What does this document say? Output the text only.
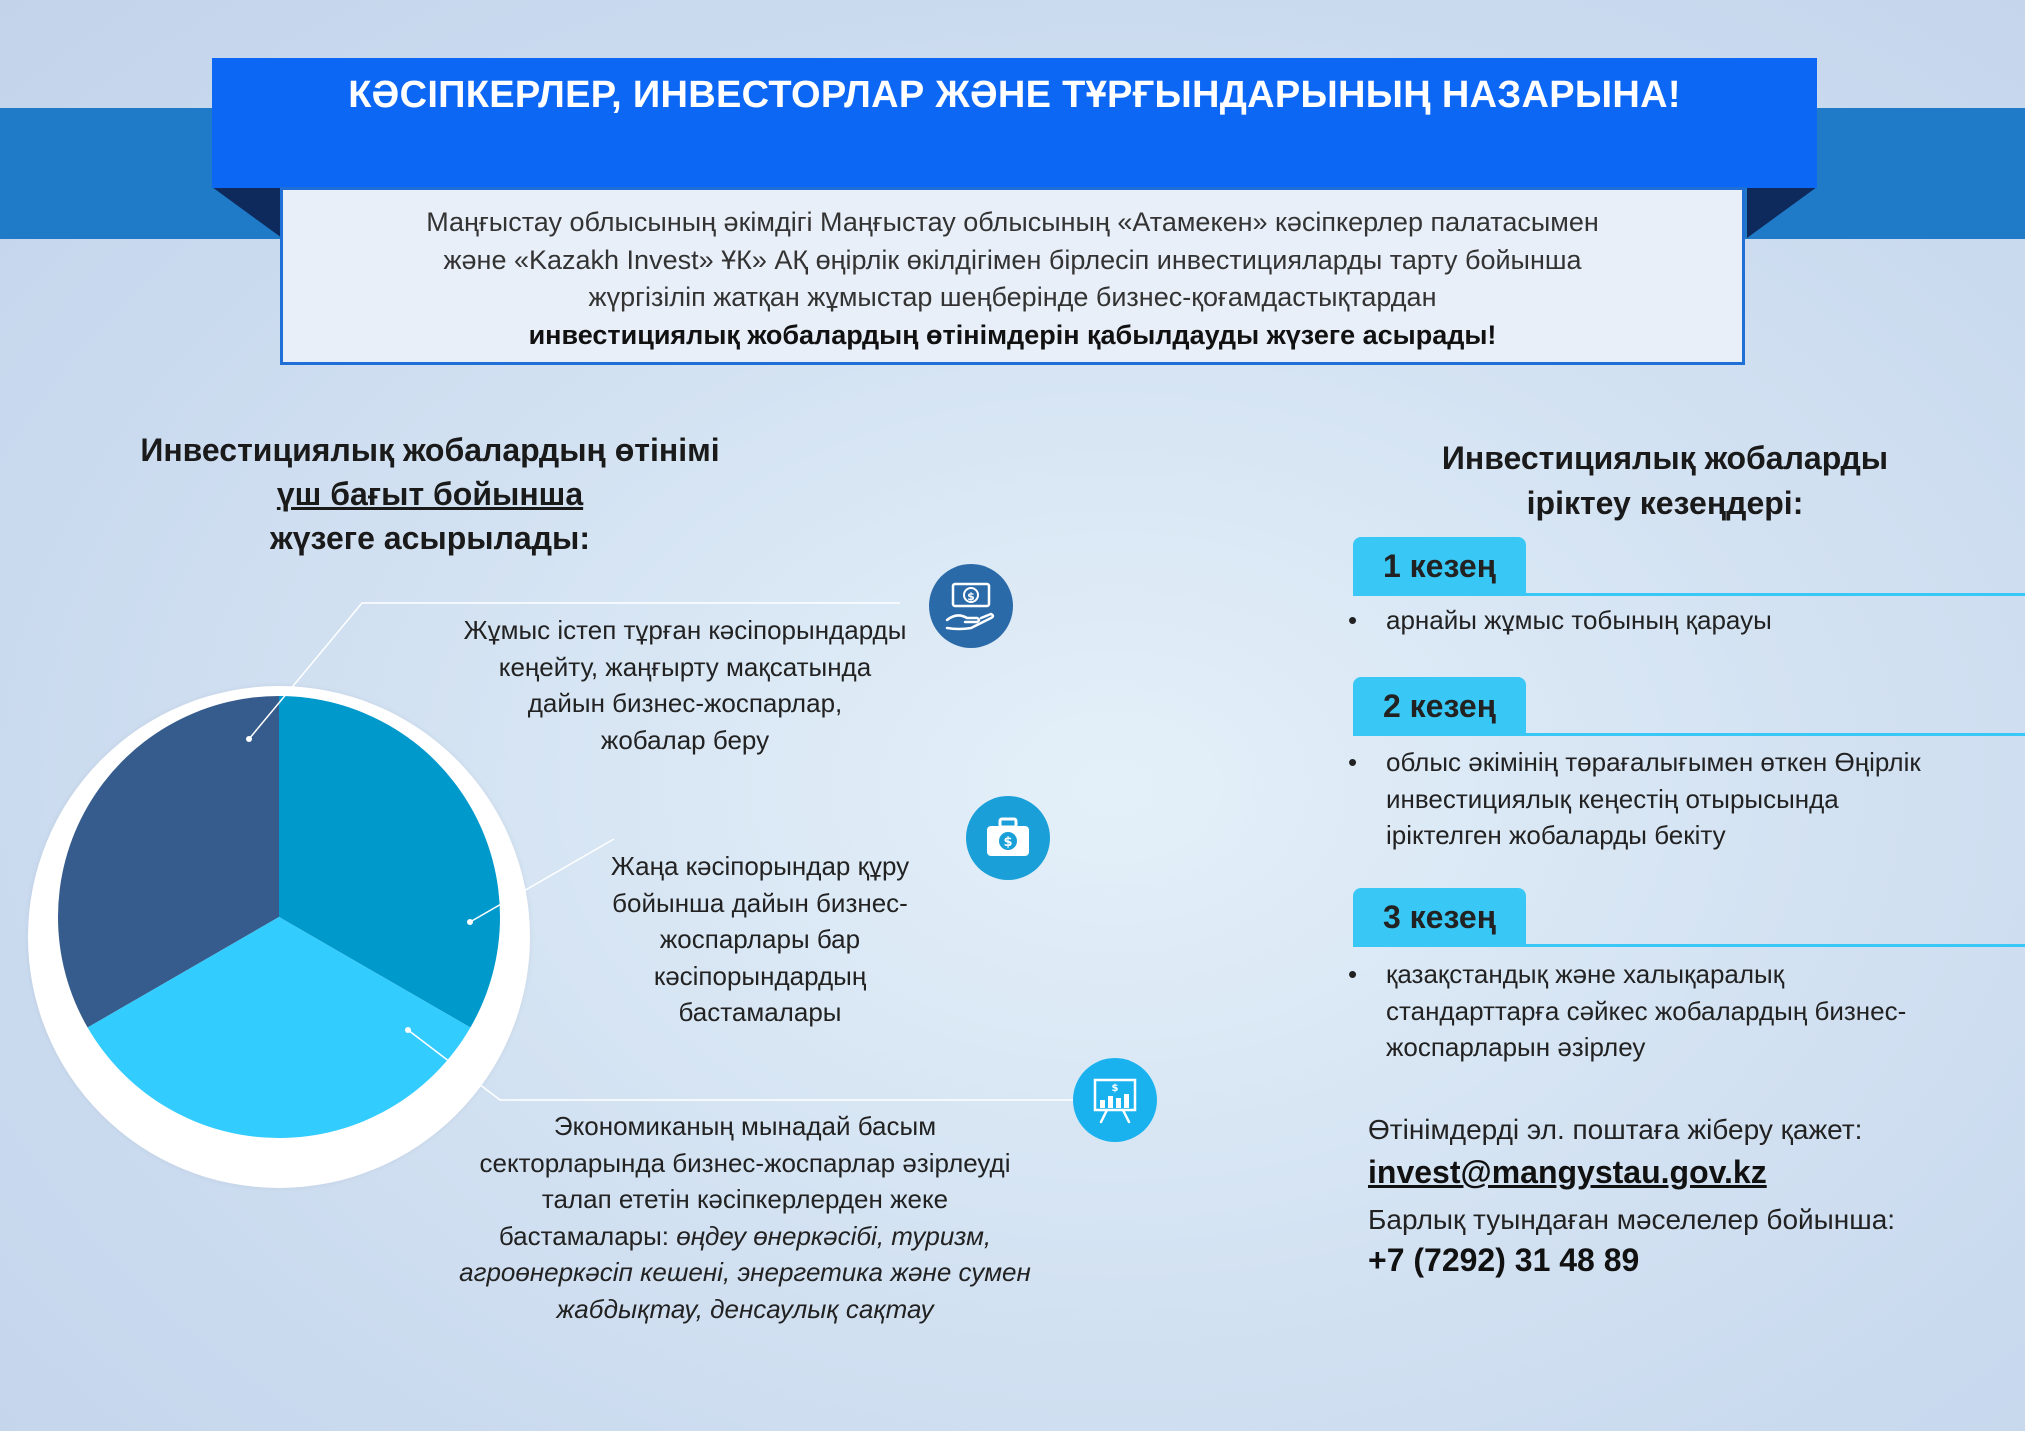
КӘСІПКЕРЛЕР, ИНВЕСТОРЛАР ЖӘНЕ ТҰРҒЫНДАРЫНЫҢ НАЗАРЫНА!
Маңғыстау облысының әкімдігі Маңғыстау облысының «Атамекен» кәсіпкерлер палатасымен
және «Kazakh Invest» ҰК» АҚ өңірлік өкілдігімен бірлесіп инвестицияларды тарту бойынша
жүргізіліп жатқан жұмыстар шеңберінде бизнес-қоғамдастықтардан
инвестициялық жобалардың өтінімдерін қабылдауды жүзеге асырады!
Инвестициялық жобалардың өтінімі
үш бағыт бойынша
жүзеге асырылады:
Жұмыс істеп тұрған кәсіпорындарды
кеңейту, жаңғырту мақсатында
дайын бизнес-жоспарлар,
жобалар беру
$
Жаңа кәсіпорындар құру
бойынша дайын бизнес-
жоспарлары бар
кәсіпорындардың
бастамалары
$
Экономиканың мынадай басым
секторларында бизнес-жоспарлар әзірлеуді
талап ететін кәсіпкерлерден жеке
бастамалары: өңдеу өнеркәсібі, туризм,
агроөнеркәсіп кешені, энергетика және сумен
жабдықтау, денсаулық сақтау
$
Инвестициялық жобаларды
іріктеу кезеңдері:
1 кезең
• арнайы жұмыс тобының қарауы
2 кезең
• облыс әкімінің төрағалығымен өткен Өңірлік
инвестициялық кеңестің отырысында
іріктелген жобаларды бекіту
3 кезең
• қазақстандық және халықаралық
стандарттарға сәйкес жобалардың бизнес-
жоспарларын әзірлеу
Өтінімдерді эл. поштаға жіберу қажет:
invest@mangystau.gov.kz
Барлық туындаған мәселелер бойынша:
+7 (7292) 31 48 89
